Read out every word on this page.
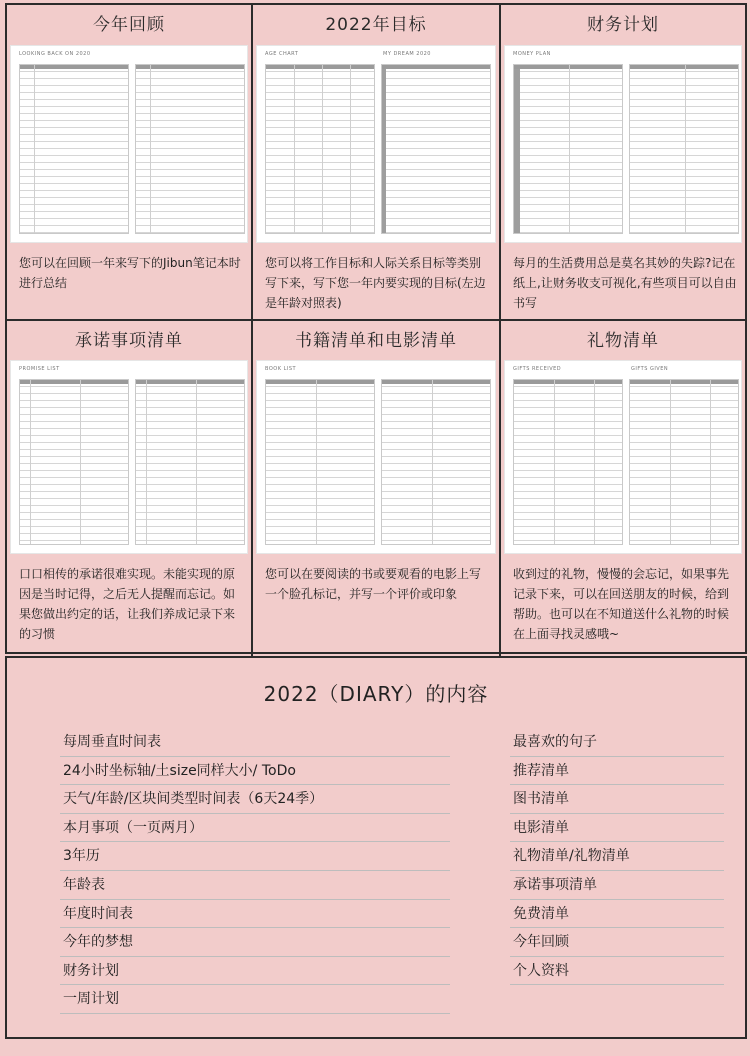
今年回顾
LOOKING BACK ON 2020
您可以在回顾一年来写下的Jibun笔记本时进行总结
2022年目标
AGE CHART	MY DREAM 2020
您可以将工作目标和人际关系目标等类别写下来，写下您一年内要实现的目标(左边是年龄对照表)
财务计划
MONEY PLAN
每月的生活费用总是莫名其妙的失踪?记在纸上,让财务收支可视化,有些项目可以自由书写
承诺事项清单
PROMISE LIST
口口相传的承诺很难实现。未能实现的原因是当时记得，之后无人提醒而忘记。如果您做出约定的话，让我们养成记录下来的习惯
书籍清单和电影清单
BOOK LIST
您可以在要阅读的书或要观看的电影上写一个脸孔标记，并写一个评价或印象
礼物清单
GIFTS RECEIVED	GIFTS GIVEN
收到过的礼物，慢慢的会忘记，如果事先记录下来，可以在回送朋友的时候，给到帮助。也可以在不知道送什么礼物的时候在上面寻找灵感哦~
2022（DIARY）的内容
每周垂直时间表
24小时坐标轴/土size同样大小/ ToDo
天气/年龄/区块间类型时间表（6天24季）
本月事项（一页两月）
3年历
年龄表
年度时间表
今年的梦想
财务计划
一周计划
最喜欢的句子
推荐清单
图书清单
电影清单
礼物清单/礼物清单
承诺事项清单
免费清单
今年回顾
个人资料
